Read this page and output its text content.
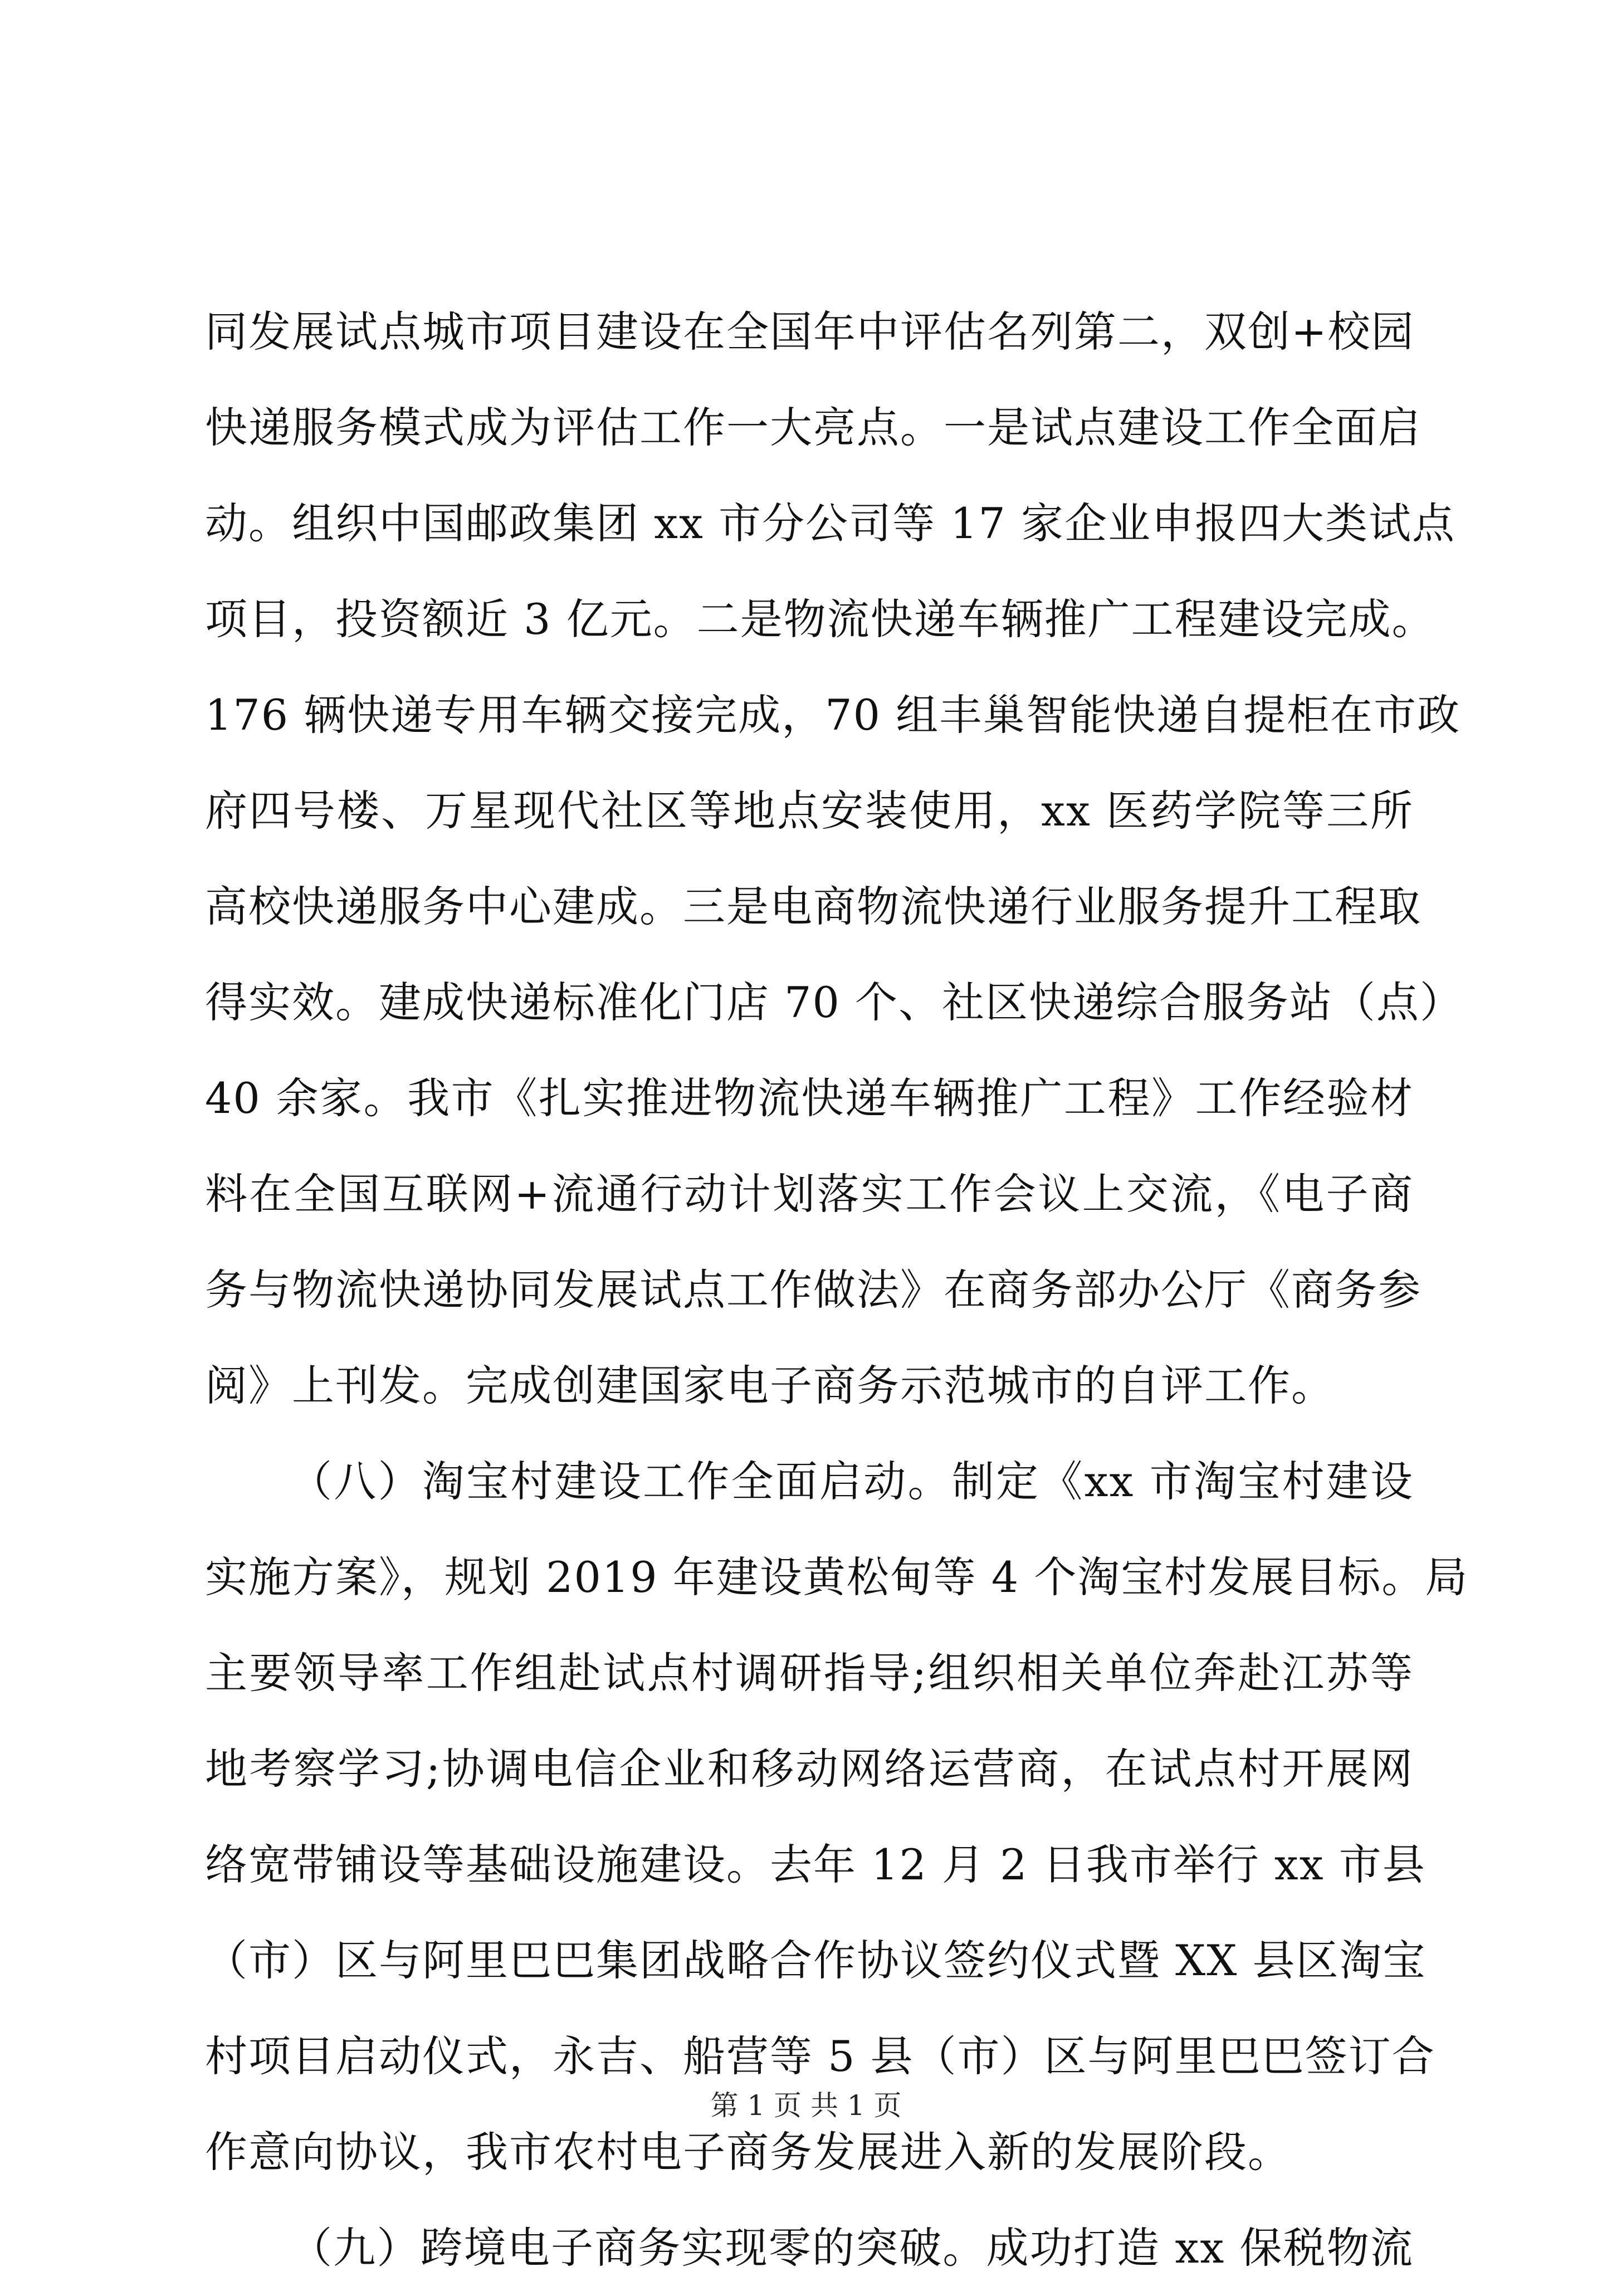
同发展试点城市项目建设在全国年中评估名列第二，双创+校园
快递服务模式成为评估工作一大亮点。一是试点建设工作全面启
动。组织中国邮政集团 xx 市分公司等 17 家企业申报四大类试点
项目，投资额近 3 亿元。二是物流快递车辆推广工程建设完成。
176 辆快递专用车辆交接完成，70 组丰巢智能快递自提柜在市政
府四号楼、万星现代社区等地点安装使用，xx 医药学院等三所
高校快递服务中心建成。三是电商物流快递行业服务提升工程取
得实效。建成快递标准化门店 70 个、社区快递综合服务站（点）
40 余家。我市《扎实推进物流快递车辆推广工程》工作经验材
料在全国互联网+流通行动计划落实工作会议上交流，《电子商
务与物流快递协同发展试点工作做法》在商务部办公厅《商务参
阅》上刊发。完成创建国家电子商务示范城市的自评工作。
（八）淘宝村建设工作全面启动。制定《xx 市淘宝村建设
实施方案》，规划 2019 年建设黄松甸等 4 个淘宝村发展目标。局
主要领导率工作组赴试点村调研指导;组织相关单位奔赴江苏等
地考察学习;协调电信企业和移动网络运营商，在试点村开展网
络宽带铺设等基础设施建设。去年 12 月 2 日我市举行 xx 市县
（市）区与阿里巴巴集团战略合作协议签约仪式暨 XX 县区淘宝
村项目启动仪式，永吉、船营等 5 县（市）区与阿里巴巴签订合
作意向协议，我市农村电子商务发展进入新的发展阶段。
（九）跨境电子商务实现零的突破。成功打造 xx 保税物流
第 1 页 共 1 页
